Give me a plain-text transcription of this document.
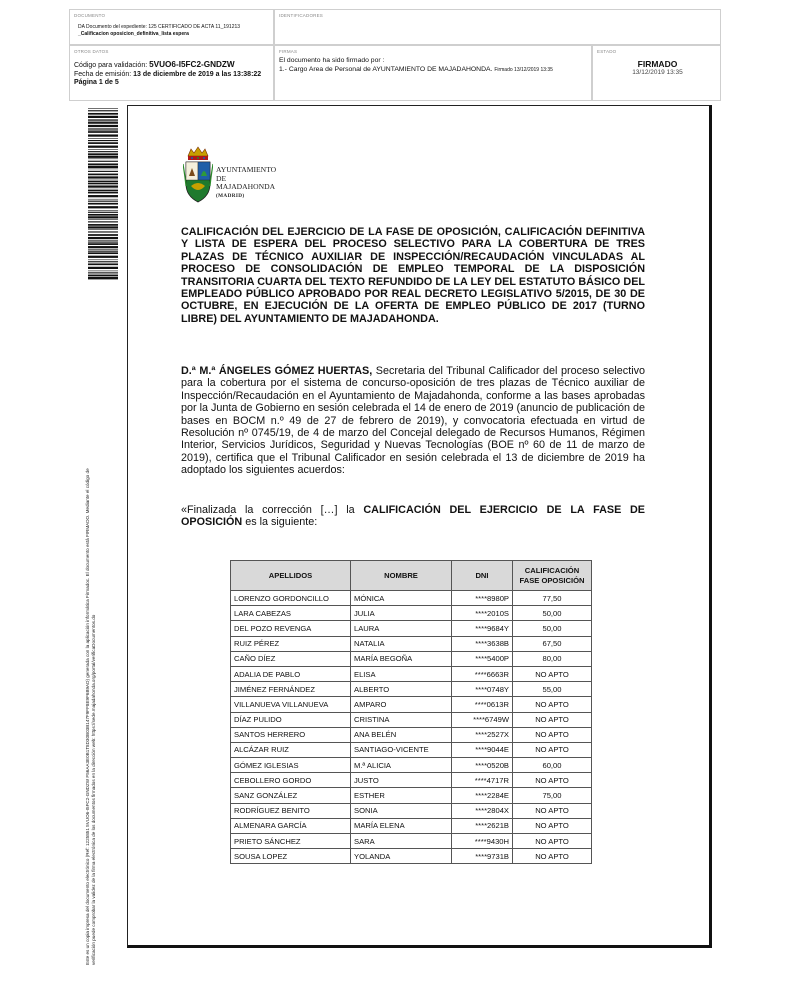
DOCUMENTO
DA Documento del expediente: 125 CERTIFICADO DE ACTA 11_191213
_Calificacion oposicion_definitiva_lista espera
IDENTIFICADORES
OTROS DATOS
Código para validación: 5VUO6-I5FC2-GNDZW
Fecha de emisión: 13 de diciembre de 2019 a las 13:38:22
Página 1 de 5
FIRMAS
El documento ha sido firmado por :
1.- Cargo Area de Personal de AYUNTAMIENTO DE MAJADAHONDA. Firmado 13/12/2019 13:35
ESTADO
FIRMADO
13/12/2019 13:35
Este es un copia impresa del documento electrónico (Ref: 1225851 5VUO6-I5FC2-GNDZW F56AA3E0B1T8D30B03B147F9FF8E9F6B9AD) generada con la aplicación informática Firmadoc. El documento está FIRMADO. Mediante el código de verificación puede comprobar la validez de la firma electrónica de los documentos firmados en la dirección web: https://sede.majadahonda.org/portal/verificaDocumentos.do
AYUNTAMIENTO
DE MAJADAHONDA
(MADRID)
CALIFICACIÓN DEL EJERCICIO DE LA FASE DE OPOSICIÓN, CALIFICACIÓN DEFINITIVA Y LISTA DE ESPERA DEL PROCESO SELECTIVO PARA LA COBERTURA DE TRES PLAZAS DE TÉCNICO AUXILIAR DE INSPECCIÓN/RECAUDACIÓN VINCULADAS AL PROCESO DE CONSOLIDACIÓN DE EMPLEO TEMPORAL DE LA DISPOSICIÓN TRANSITORIA CUARTA DEL TEXTO REFUNDIDO DE LA LEY DEL ESTATUTO BÁSICO DEL EMPLEADO PÚBLICO APROBADO POR REAL DECRETO LEGISLATIVO 5/2015, DE 30 DE OCTUBRE, EN EJECUCIÓN DE LA OFERTA DE EMPLEO PÚBLICO DE 2017 (TURNO LIBRE) DEL AYUNTAMIENTO DE MAJADAHONDA.
D.ª M.ª ÁNGELES GÓMEZ HUERTAS, Secretaria del Tribunal Calificador del proceso selectivo para la cobertura por el sistema de concurso-oposición de tres plazas de Técnico auxiliar de Inspección/Recaudación en el Ayuntamiento de Majadahonda, conforme a las bases aprobadas por la Junta de Gobierno en sesión celebrada el 14 de enero de 2019 (anuncio de publicación de bases en BOCM n.º 49 de 27 de febrero de 2019), y convocatoria efectuada en virtud de Resolución nº 0745/19, de 4 de marzo del Concejal delegado de Recursos Humanos, Régimen Interior, Servicios Jurídicos, Seguridad y Nuevas Tecnologías (BOE nº 60 de 11 de marzo de 2019), certifica que el Tribunal Calificador en sesión celebrada el 13 de diciembre de 2019 ha adoptado los siguientes acuerdos:
«Finalizada la corrección […] la CALIFICACIÓN DEL EJERCICIO DE LA FASE DE OPOSICIÓN es la siguiente:
APELLIDOS	NOMBRE	DNI	CALIFICACIÓN FASE OPOSICIÓN
LORENZO GORDONCILLO	MÓNICA	****8980P	77,50
LARA CABEZAS	JULIA	****2010S	50,00
DEL POZO REVENGA	LAURA	****9684Y	50,00
RUIZ PÉREZ	NATALIA	****3638B	67,50
CAÑO DÍEZ	MARÍA BEGOÑA	****5400P	80,00
ADALIA DE PABLO	ELISA	****6663R	NO APTO
JIMÉNEZ FERNÁNDEZ	ALBERTO	****0748Y	55,00
VILLANUEVA VILLANUEVA	AMPARO	****0613R	NO APTO
DÍAZ PULIDO	CRISTINA	****6749W	NO APTO
SANTOS HERRERO	ANA BELÉN	****2527X	NO APTO
ALCÁZAR RUIZ	SANTIAGO-VICENTE	****9044E	NO APTO
GÓMEZ IGLESIAS	M.ª ALICIA	****0520B	60,00
CEBOLLERO GORDO	JUSTO	****4717R	NO APTO
SANZ GONZÁLEZ	ESTHER	****2284E	75,00
RODRÍGUEZ BENITO	SONIA	****2804X	NO APTO
ALMENARA GARCÍA	MARÍA ELENA	****2621B	NO APTO
PRIETO SÁNCHEZ	SARA	****9430H	NO APTO
SOUSA LOPEZ	YOLANDA	****9731B	NO APTO
